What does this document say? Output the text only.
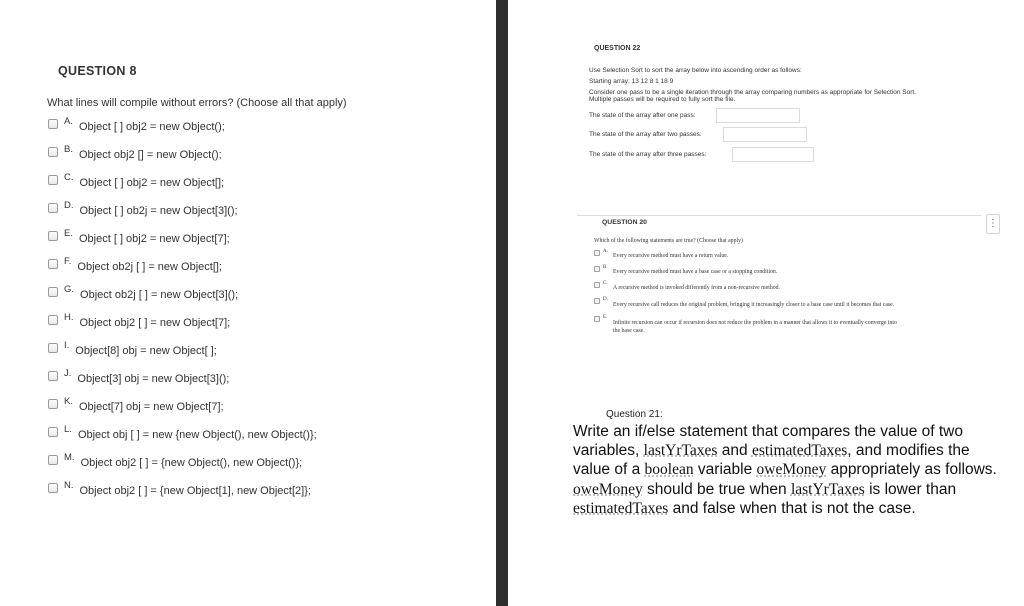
QUESTION 8
What lines will compile without errors? (Choose all that apply)
A. Object [ ] obj2 = new Object();
B. Object obj2 [] = new Object();
C. Object [ ] obj2 = new Object[];
D. Object [ ] ob2j = new Object[3]();
E. Object [ ] obj2 = new Object[7];
F. Object ob2j [ ] = new Object[];
G. Object ob2j [ ] = new Object[3]();
H. Object obj2 [ ] = new Object[7];
I. Object[8] obj = new Object[ ];
J. Object[3] obj = new Object[3]();
K. Object[7] obj = new Object[7];
L. Object obj [ ] = new {new Object(), new Object()};
M. Object obj2 [ ] = {new Object(), new Object()};
N. Object obj2 [ ] = {new Object[1], new Object[2]};
QUESTION 22
Use Selection Sort to sort the array below into ascending order as follows:
Starting array: 13 12 8 1 18 9
Consider one pass to be a single iteration through the array comparing numbers as appropriate for Selection Sort.
Multiple passes will be required to fully sort the file.
The state of the array after one pass:
The state of the array after two passes:
The state of the array after three passes:
QUESTION 20	⋮
Which of the following statements are true? (Choose that apply)
A.
Every recursive method must have a return value.
B.
Every recursive method must have a base case or a stopping condition.
C.
A recursive method is invoked differently from a non-recursive method.
D.
Every recursive call reduces the original problem, bringing it increasingly closer to a base case until it becomes that case.
E.
Infinite recursion can occur if recursion does not reduce the problem in a manner that allows it to eventually converge into
the base case.
Question 21:
Write an if/else statement that compares the value of two variables, lastYrTaxes and estimatedTaxes, and modifies the value of a boolean variable oweMoney appropriately as follows. oweMoney should be true when lastYrTaxes is lower than estimatedTaxes and false when that is not the case.
